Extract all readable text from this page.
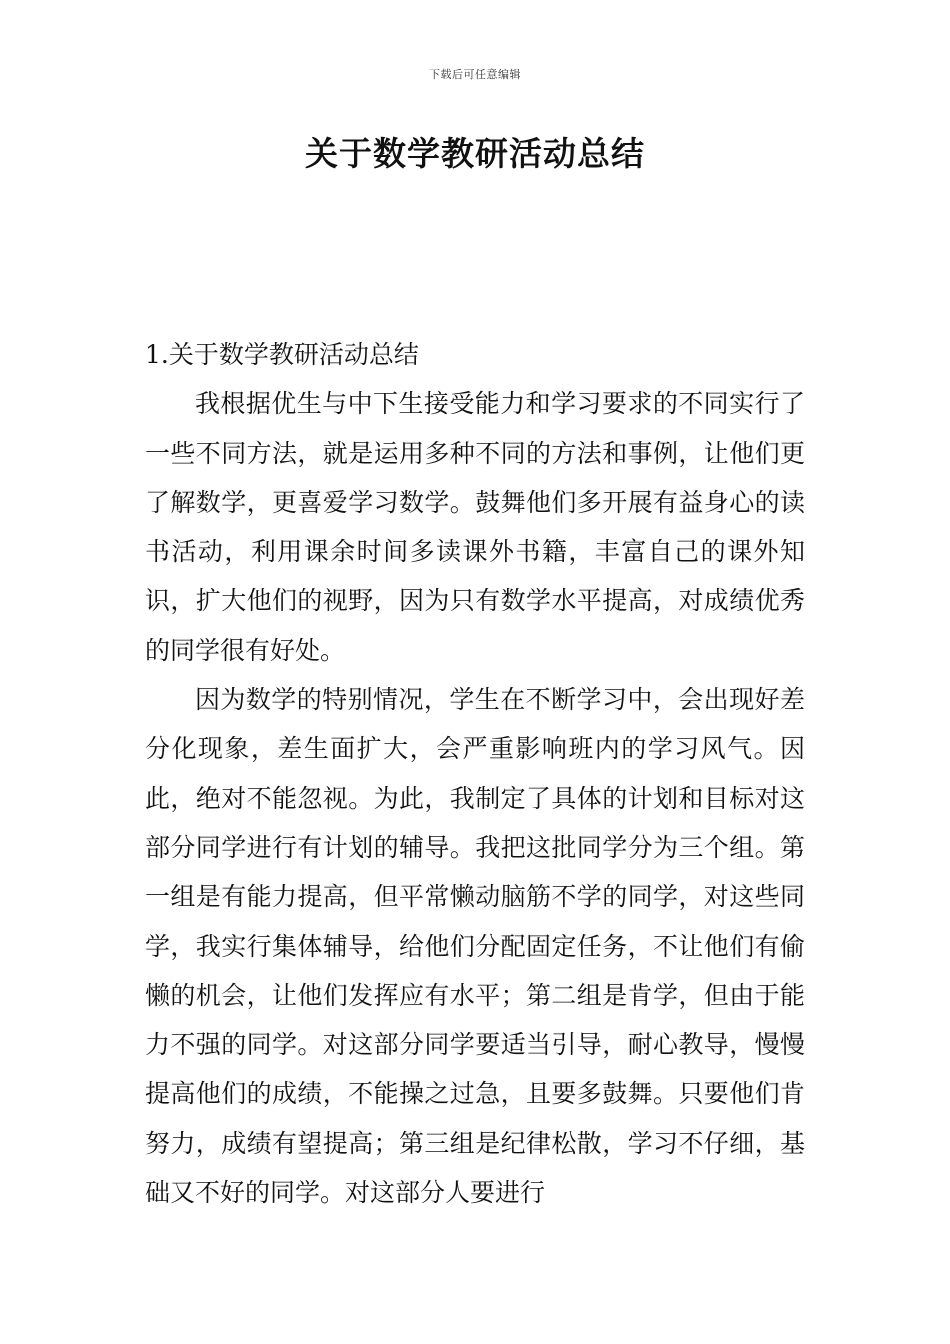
下载后可任意编辑
关于数学教研活动总结

1.关于数学教研活动总结

我根据优生与中下生接受能力和学习要求的不同实行了一些不同方法，就是运用多种不同的方法和事例，让他们更了解数学，更喜爱学习数学。鼓舞他们多开展有益身心的读书活动，利用课余时间多读课外书籍，丰富自己的课外知识，扩大他们的视野，因为只有数学水平提高，对成绩优秀的同学很有好处。

因为数学的特别情况，学生在不断学习中，会出现好差分化现象，差生面扩大，会严重影响班内的学习风气。因此，绝对不能忽视。为此，我制定了具体的计划和目标对这部分同学进行有计划的辅导。我把这批同学分为三个组。第一组是有能力提高，但平常懒动脑筋不学的同学，对这些同学，我实行集体辅导，给他们分配固定任务，不让他们有偷懒的机会，让他们发挥应有水平；第二组是肯学，但由于能力不强的同学。对这部分同学要适当引导，耐心教导，慢慢提高他们的成绩，不能操之过急，且要多鼓舞。只要他们肯努力，成绩有望提高；第三组是纪律松散，学习不仔细，基础又不好的同学。对这部分人要进行
